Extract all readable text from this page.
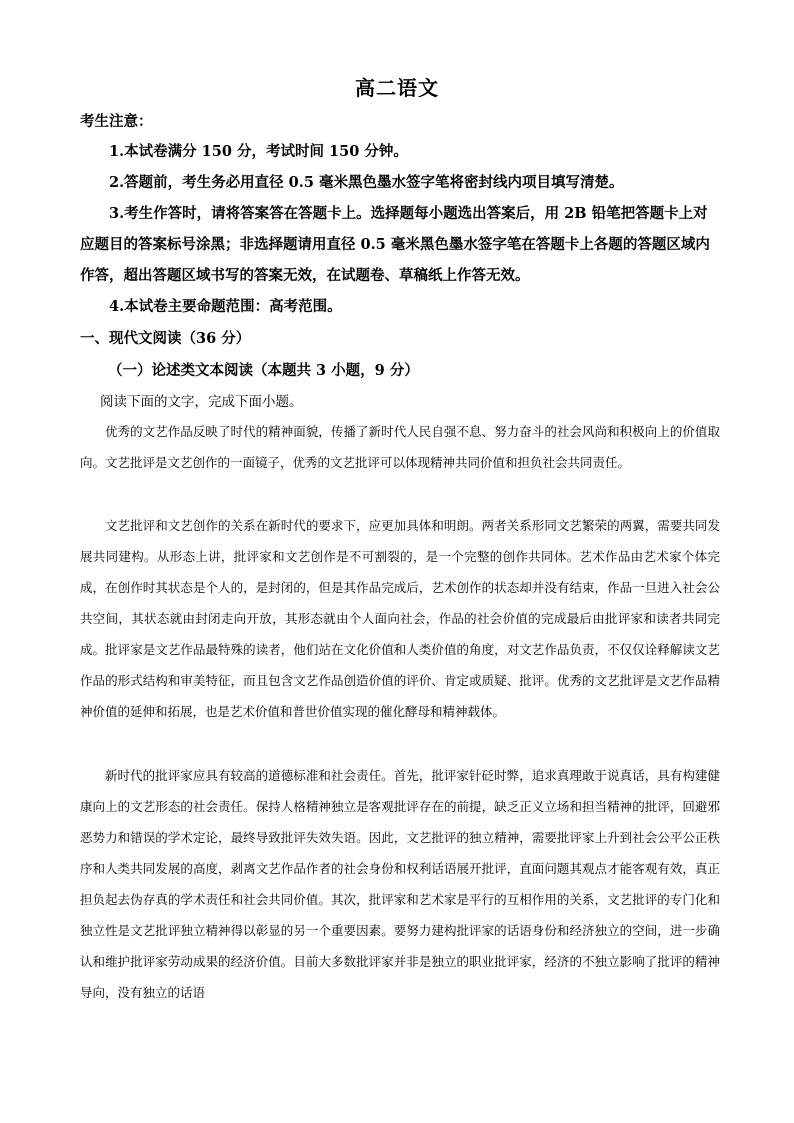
高二语文
考生注意：

1.本试卷满分 150 分，考试时间 150 分钟。

2.答题前，考生务必用直径 0.5 毫米黑色墨水签字笔将密封线内项目填写清楚。

3.考生作答时，请将答案答在答题卡上。选择题每小题选出答案后，用 2B 铅笔把答题卡上对应题目的答案标号涂黑；非选择题请用直径 0.5 毫米黑色墨水签字笔在答题卡上各题的答题区域内作答，超出答题区域书写的答案无效，在试题卷、草稿纸上作答无效。

4.本试卷主要命题范围：高考范围。

一、现代文阅读（36 分）
（一）论述类文本阅读（本题共 3 小题，9 分）
阅读下面的文字，完成下面小题。
优秀的文艺作品反映了时代的精神面貌，传播了新时代人民自强不息、努力奋斗的社会风尚和积极向上的价值取向。文艺批评是文艺创作的一面镜子，优秀的文艺批评可以体现精神共同价值和担负社会共同责任。
文艺批评和文艺创作的关系在新时代的要求下，应更加具体和明朗。两者关系形同文艺繁荣的两翼，需要共同发展共同建构。从形态上讲，批评家和文艺创作是不可割裂的，是一个完整的创作共同体。艺术作品由艺术家个体完成，在创作时其状态是个人的，是封闭的，但是其作品完成后，艺术创作的状态却并没有结束，作品一旦进入社会公共空间，其状态就由封闭走向开放，其形态就由个人面向社会，作品的社会价值的完成最后由批评家和读者共同完成。批评家是文艺作品最特殊的读者，他们站在文化价值和人类价值的角度，对文艺作品负责，不仅仅诠释解读文艺作品的形式结构和审美特征，而且包含文艺作品创造价值的评价、肯定或质疑、批评。优秀的文艺批评是文艺作品精神价值的延伸和拓展，也是艺术价值和普世价值实现的催化酵母和精神载体。
新时代的批评家应具有较高的道德标准和社会责任。首先，批评家针砭时弊，追求真理敢于说真话，具有构建健康向上的文艺形态的社会责任。保持人格精神独立是客观批评存在的前提，缺乏正义立场和担当精神的批评，回避邪恶势力和错误的学术定论，最终导致批评失效失语。因此，文艺批评的独立精神，需要批评家上升到社会公平公正秩序和人类共同发展的高度，剥离文艺作品作者的社会身份和权利话语展开批评，直面问题其观点才能客观有效，真正担负起去伪存真的学术责任和社会共同价值。其次，批评家和艺术家是平行的互相作用的关系，文艺批评的专门化和独立性是文艺批评独立精神得以彰显的另一个重要因素。要努力建构批评家的话语身份和经济独立的空间，进一步确认和维护批评家劳动成果的经济价值。目前大多数批评家并非是独立的职业批评家，经济的不独立影响了批评的精神导向，没有独立的话语
